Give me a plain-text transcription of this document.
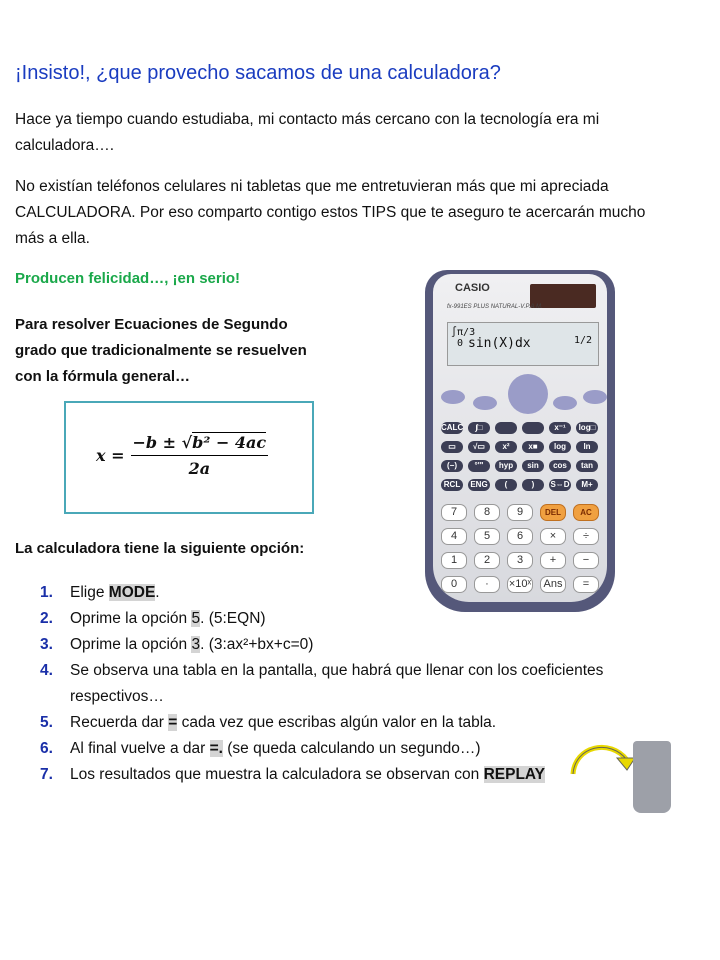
¡Insisto!, ¿que provecho sacamos de una calculadora?
Hace ya tiempo cuando estudiaba, mi contacto más cercano con la tecnología era mi
calculadora….
No existían teléfonos celulares ni tabletas que me entretuvieran más que mi apreciada
CALCULADORA. Por eso comparto contigo estos TIPS que te aseguro te acercarán mucho
más a ella.
Producen felicidad…, ¡en serio!
Para resolver Ecuaciones de Segundo
grado que tradicionalmente se resuelven
con la fórmula general…
$x = \frac{\text{−b ± √b² − 4ac}}{2a}$
La calculadora tiene la siguiente opción:
1.	Elige MODE.
2.	Oprime la opción 5. (5:EQN)
3.	Oprime la opción 3. (3:ax²+bx+c=0)
4.	Se observa una tabla en la pantalla, que habrá que llenar con los coeficientes respectivos…
5.	Recuerda dar = cada vez que escribas algún valor en la tabla.
6.	Al final vuelve a dar =. (se queda calculando un segundo…)
7.	Los resultados que muestra la calculadora se observan con REPLAY
CASIO
fx-991ES PLUS NATURAL-V.P.A.M.
∫π/3
0 sin(X)dx	1/2
CALC	∫□	x⁻¹	log□
▭	√▭	x²	x■	log	ln
(−)	°'"	hyp	sin	cos	tan
RCL	ENG	(	)	S⇔D	M+
7	8	9	DEL	AC
4	5	6	×	÷
1	2	3	+	−
0	·	×10ˣ	Ans	=
